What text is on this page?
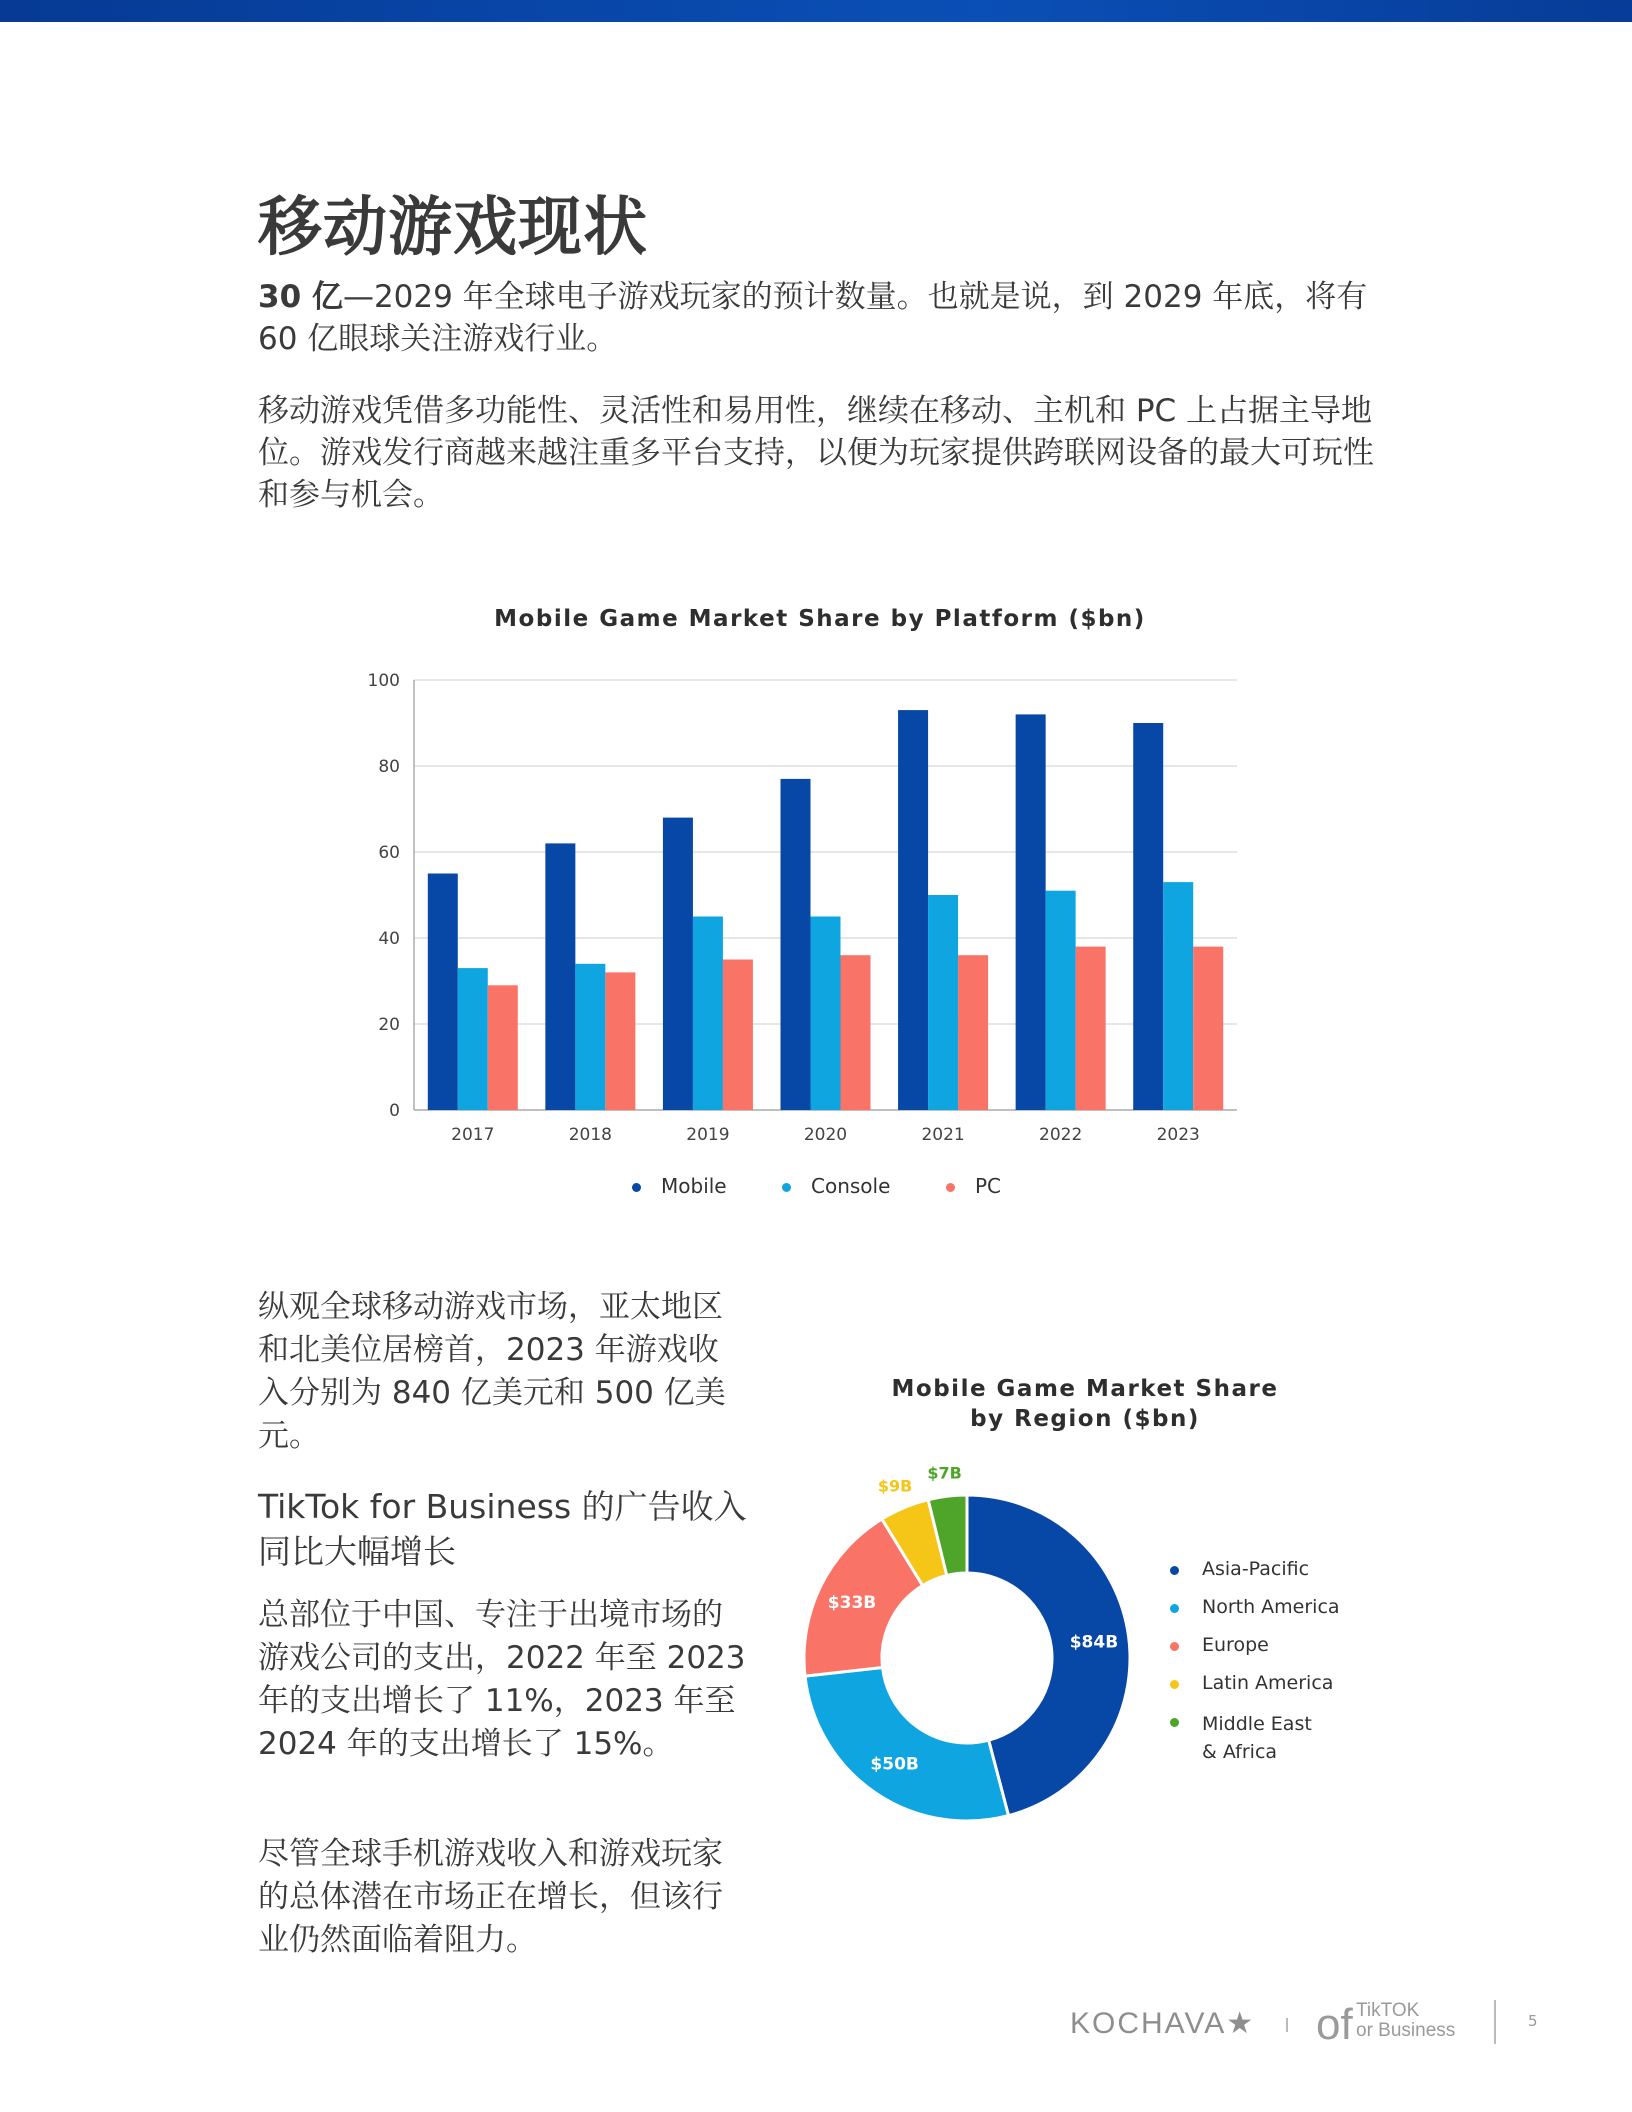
移动游戏现状
30 亿—2029 年全球电子游戏玩家的预计数量。也就是说，到 2029 年底，将有 60 亿眼球关注游戏行业。
移动游戏凭借多功能性、灵活性和易用性，继续在移动、主机和 PC 上占据主导地位。游戏发行商越来越注重多平台支持，以便为玩家提供跨联网设备的最大可玩性和参与机会。
Mobile Game Market Share by Platform ($bn)
0
20
40
60
80
100
2017	2018	2019	2020	2021	2022	2023
Mobile	Console	PC
纵观全球移动游戏市场，亚太地区和北美位居榜首，2023 年游戏收入分别为 840 亿美元和 500 亿美元。
TikTok for Business 的广告收入同比大幅增长
总部位于中国、专注于出境市场的游戏公司的支出，2022 年至 2023 年的支出增长了 11%，2023 年至 2024 年的支出增长了 15%。
尽管全球手机游戏收入和游戏玩家的总体潜在市场正在增长，但该行业仍然面临着阻力。
Mobile Game Market Share
by Region ($bn)
$84B
$50B
$33B
$9B
$7B
Asia-Pacific
North America
Europe
Latin America
Middle East
& Africa
KOCHAVA★ of TikTOK
or Business	5
